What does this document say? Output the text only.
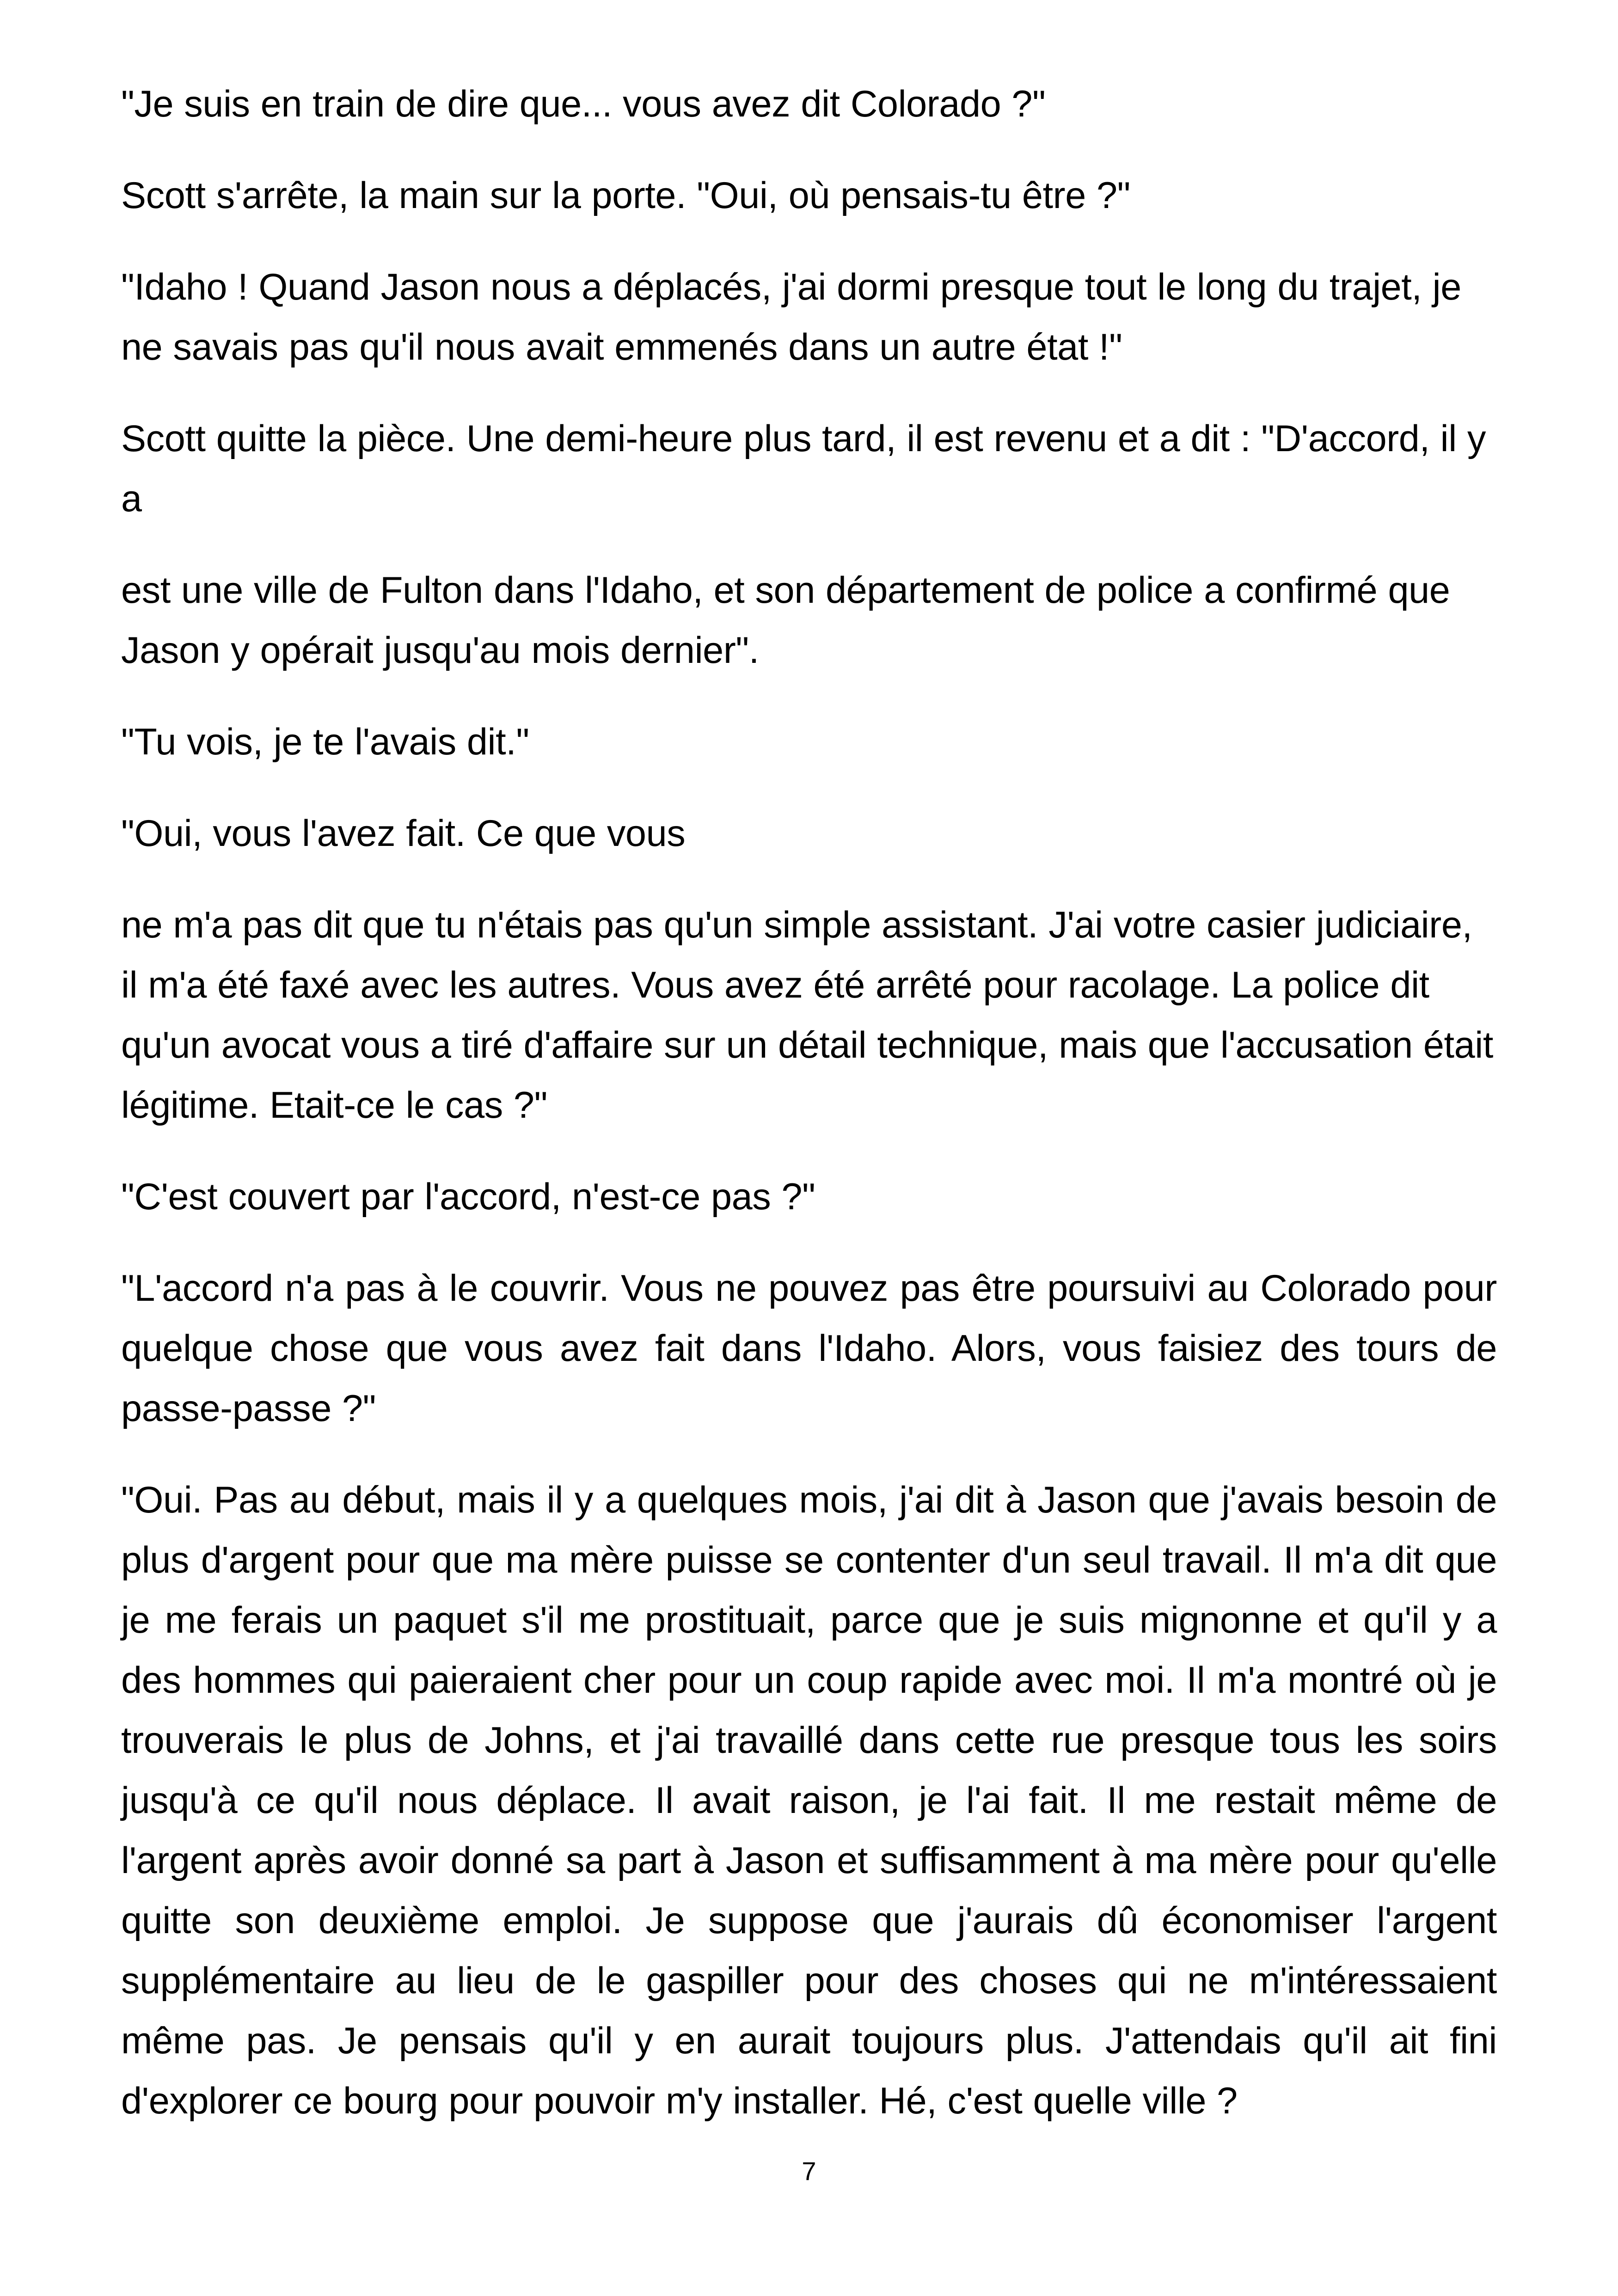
"Je suis en train de dire que... vous avez dit Colorado ?"

Scott s'arrête, la main sur la porte. "Oui, où pensais-tu être ?"

"Idaho ! Quand Jason nous a déplacés, j'ai dormi presque tout le long du trajet, je ne savais pas qu'il nous avait emmenés dans un autre état !"

Scott quitte la pièce. Une demi-heure plus tard, il est revenu et a dit : "D'accord, il y a

est une ville de Fulton dans l'Idaho, et son département de police a confirmé que Jason y opérait jusqu'au mois dernier".

"Tu vois, je te l'avais dit."

"Oui, vous l'avez fait. Ce que vous

ne m'a pas dit que tu n'étais pas qu'un simple assistant. J'ai votre casier judiciaire, il m'a été faxé avec les autres. Vous avez été arrêté pour racolage. La police dit qu'un avocat vous a tiré d'affaire sur un détail technique, mais que l'accusation était légitime. Etait-ce le cas ?"

"C'est couvert par l'accord, n'est-ce pas ?"

"L'accord n'a pas à le couvrir. Vous ne pouvez pas être poursuivi au Colorado pour quelque chose que vous avez fait dans l'Idaho. Alors, vous faisiez des tours de passe-passe ?"

"Oui. Pas au début, mais il y a quelques mois, j'ai dit à Jason que j'avais besoin de plus d'argent pour que ma mère puisse se contenter d'un seul travail. Il m'a dit que je me ferais un paquet s'il me prostituait, parce que je suis mignonne et qu'il y a des hommes qui paieraient cher pour un coup rapide avec moi. Il m'a montré où je trouverais le plus de Johns, et j'ai travaillé dans cette rue presque tous les soirs jusqu'à ce qu'il nous déplace. Il avait raison, je l'ai fait. Il me restait même de l'argent après avoir donné sa part à Jason et suffisamment à ma mère pour qu'elle quitte son deuxième emploi. Je suppose que j'aurais dû économiser l'argent supplémentaire au lieu de le gaspiller pour des choses qui ne m'intéressaient même pas. Je pensais qu'il y en aurait toujours plus. J'attendais qu'il ait fini d'explorer ce bourg pour pouvoir m'y installer. Hé, c'est quelle ville ?

7
